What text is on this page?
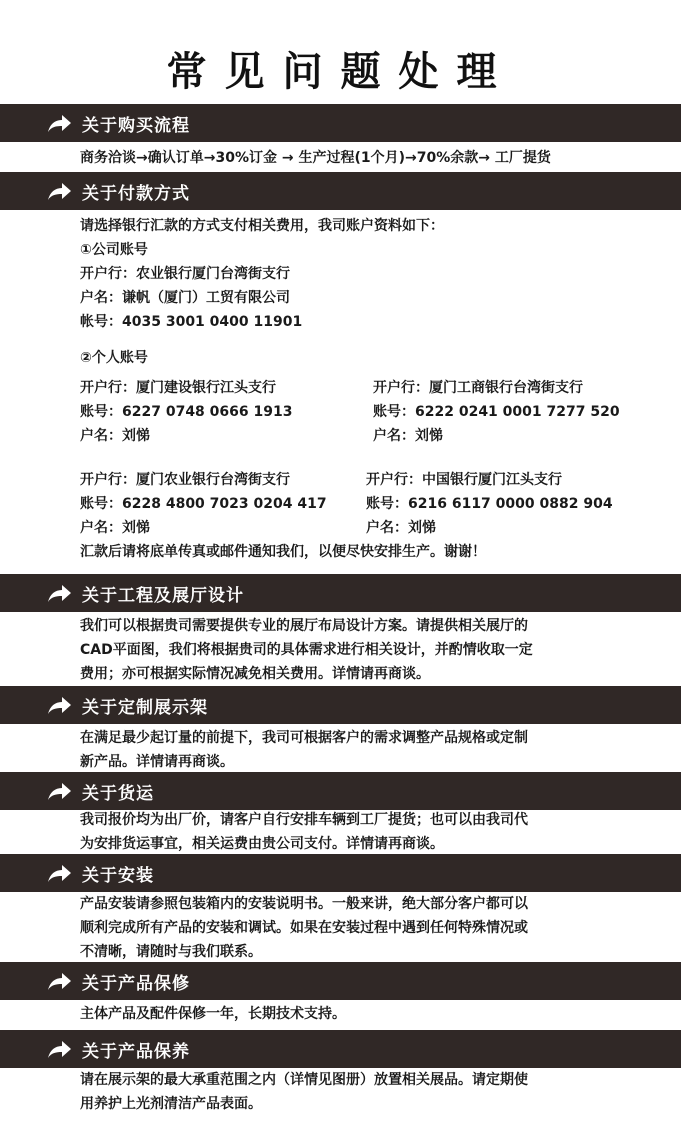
常见问题处理
关于购买流程
商务洽谈→确认订单→30%订金 → 生产过程(1个月)→70%余款→ 工厂提货
关于付款方式
请选择银行汇款的方式支付相关费用，我司账户资料如下：
①公司账号
开户行：农业银行厦门台湾街支行
户名：谦帆（厦门）工贸有限公司
帐号：4035 3001 0400 11901
②个人账号
开户行：厦门建设银行江头支行
账号：6227 0748 0666 1913
户名：刘悌
开户行：厦门工商银行台湾街支行
账号：6222 0241 0001 7277 520
户名：刘悌
开户行：厦门农业银行台湾街支行
账号：6228 4800 7023 0204 417
户名：刘悌
开户行：中国银行厦门江头支行
账号：6216 6117 0000 0882 904
户名：刘悌
汇款后请将底单传真或邮件通知我们，以便尽快安排生产。谢谢！
关于工程及展厅设计
我们可以根据贵司需要提供专业的展厅布局设计方案。请提供相关展厅的
CAD平面图，我们将根据贵司的具体需求进行相关设计，并酌情收取一定
费用；亦可根据实际情况减免相关费用。详情请再商谈。
关于定制展示架
在满足最少起订量的前提下，我司可根据客户的需求调整产品规格或定制
新产品。详情请再商谈。
关于货运
我司报价均为出厂价，请客户自行安排车辆到工厂提货；也可以由我司代
为安排货运事宜，相关运费由贵公司支付。详情请再商谈。
关于安装
产品安装请参照包装箱内的安装说明书。一般来讲，绝大部分客户都可以
顺利完成所有产品的安装和调试。如果在安装过程中遇到任何特殊情况或
不清晰，请随时与我们联系。
关于产品保修
主体产品及配件保修一年，长期技术支持。
关于产品保养
请在展示架的最大承重范围之内（详情见图册）放置相关展品。请定期使
用养护上光剂清洁产品表面。
